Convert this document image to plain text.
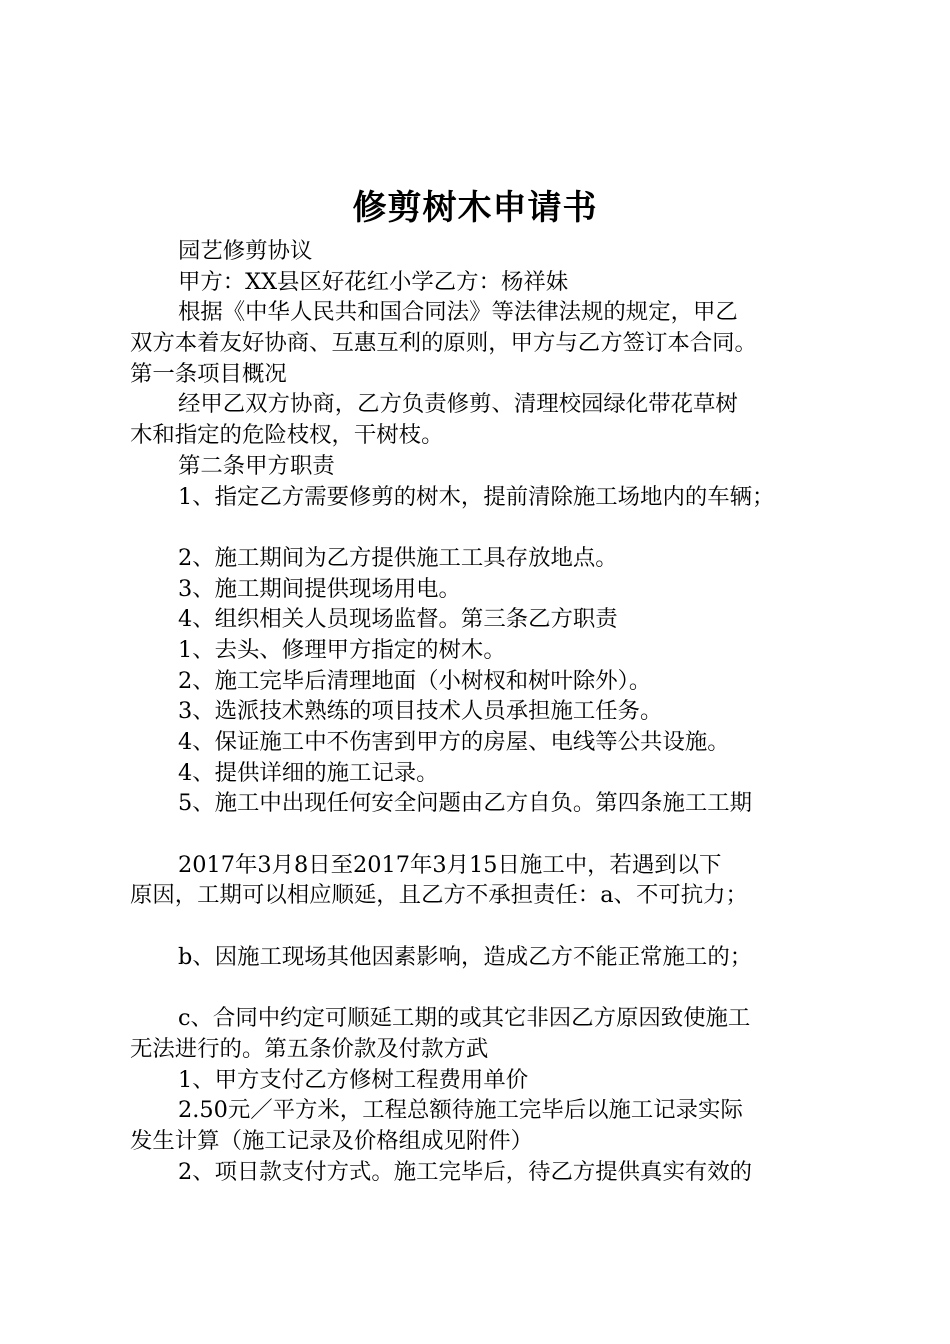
修剪树木申请书
园艺修剪协议
甲方：XX县区好花红小学乙方：杨祥妹
根据《中华人民共和国合同法》等法律法规的规定，甲乙
双方本着友好协商、互惠互利的原则，甲方与乙方签订本合同。
第一条项目概况
经甲乙双方协商，乙方负责修剪、清理校园绿化带花草树
木和指定的危险枝杈，干树枝。
第二条甲方职责
1、指定乙方需要修剪的树木，提前清除施工场地内的车辆；
2、施工期间为乙方提供施工工具存放地点。
3、施工期间提供现场用电。
4、组织相关人员现场监督。第三条乙方职责
1、去头、修理甲方指定的树木。
2、施工完毕后清理地面（小树杈和树叶除外）。
3、选派技术熟练的项目技术人员承担施工任务。
4、保证施工中不伤害到甲方的房屋、电线等公共设施。
4、提供详细的施工记录。
5、施工中出现任何安全问题由乙方自负。第四条施工工期
2017年3月8日至2017年3月15日施工中，若遇到以下
原因，工期可以相应顺延，且乙方不承担责任：a、不可抗力；
b、因施工现场其他因素影响，造成乙方不能正常施工的；
c、合同中约定可顺延工期的或其它非因乙方原因致使施工
无法进行的。第五条价款及付款方武
1、甲方支付乙方修树工程费用单价
2.50元／平方米，工程总额待施工完毕后以施工记录实际
发生计算（施工记录及价格组成见附件）
2、项日款支付方式。施工完毕后，待乙方提供真实有效的
